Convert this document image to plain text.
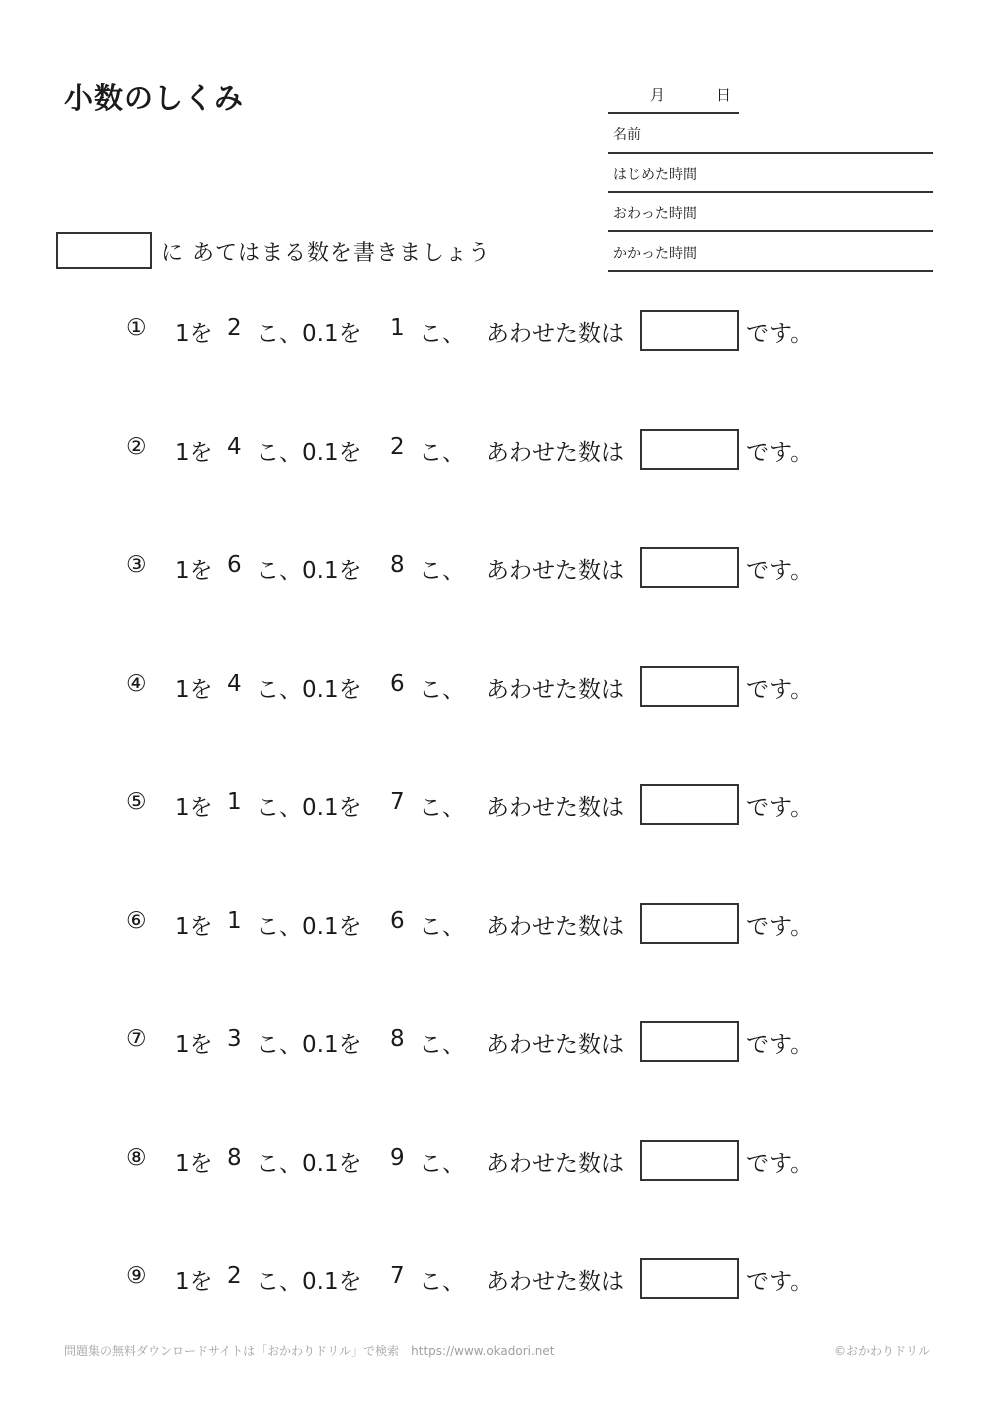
小数のしくみ	月	日
名前
はじめた時間
おわった時間
かかった時間
に あてはまる数を書きましょう
① 1を 2 こ、 0.1を 1 こ、 あわせた数は	です。
② 1を 4 こ、 0.1を 2 こ、 あわせた数は	です。
③ 1を 6 こ、 0.1を 8 こ、 あわせた数は	です。
④ 1を 4 こ、 0.1を 6 こ、 あわせた数は	です。
⑤ 1を 1 こ、 0.1を 7 こ、 あわせた数は	です。
⑥ 1を 1 こ、 0.1を 6 こ、 あわせた数は	です。
⑦ 1を 3 こ、 0.1を 8 こ、 あわせた数は	です。
⑧ 1を 8 こ、 0.1を 9 こ、 あわせた数は	です。
⑨ 1を 2 こ、 0.1を 7 こ、 あわせた数は	です。
問題集の無料ダウンロードサイトは「おかわりドリル」で検索　https://www.okadori.net	©おかわりドリル
